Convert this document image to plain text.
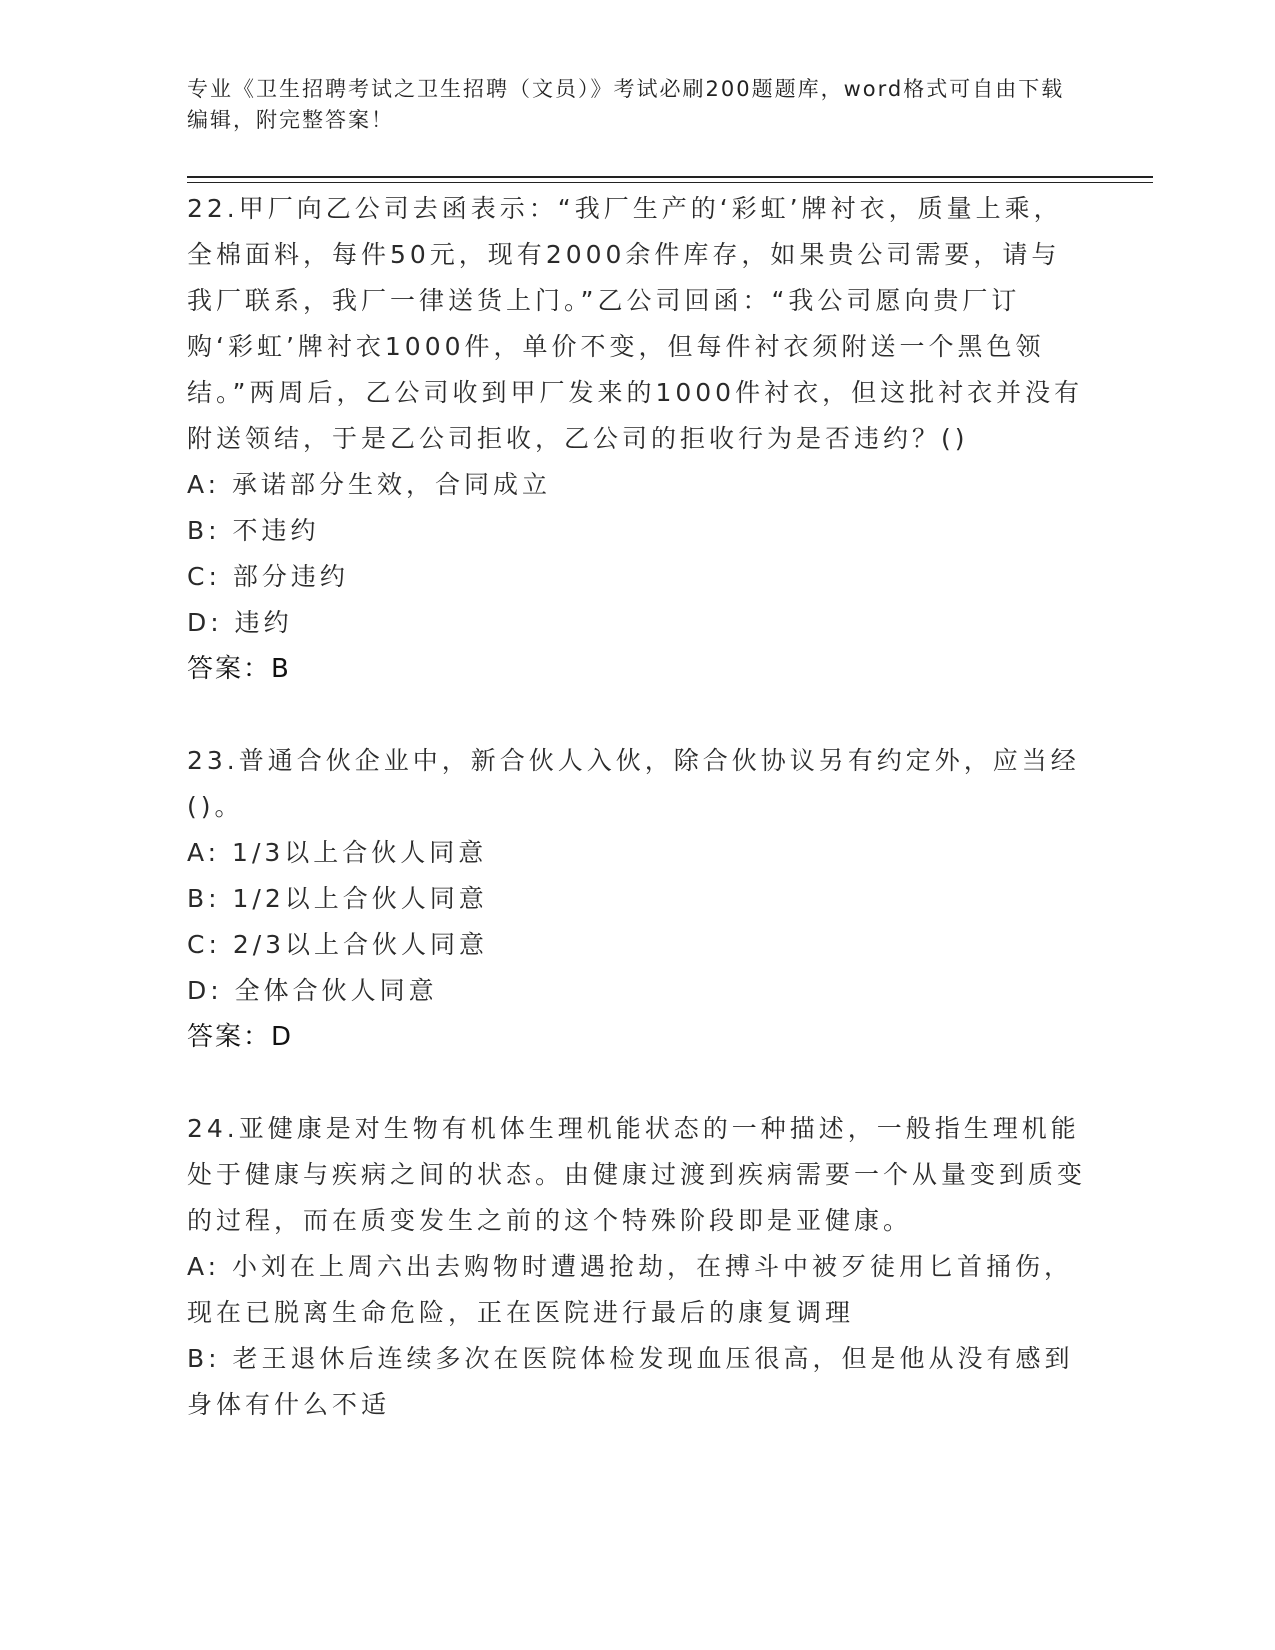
专业《卫生招聘考试之卫生招聘（文员）》考试必刷200题题库，word格式可自由下载编辑，附完整答案！
22.甲厂向乙公司去函表示：“我厂生产的‘彩虹’牌衬衣，质量上乘，全棉面料，每件50元，现有2000余件库存，如果贵公司需要，请与我厂联系，我厂一律送货上门。”乙公司回函：“我公司愿向贵厂订购‘彩虹’牌衬衣1000件，单价不变，但每件衬衣须附送一个黑色领结。”两周后，乙公司收到甲厂发来的1000件衬衣，但这批衬衣并没有附送领结，于是乙公司拒收，乙公司的拒收行为是否违约？()
A: 承诺部分生效，合同成立
B: 不违约
C: 部分违约
D: 违约
答案：B
23.普通合伙企业中，新合伙人入伙，除合伙协议另有约定外，应当经()。
A: 1/3以上合伙人同意
B: 1/2以上合伙人同意
C: 2/3以上合伙人同意
D: 全体合伙人同意
答案：D
24.亚健康是对生物有机体生理机能状态的一种描述，一般指生理机能处于健康与疾病之间的状态。由健康过渡到疾病需要一个从量变到质变的过程，而在质变发生之前的这个特殊阶段即是亚健康。
A: 小刘在上周六出去购物时遭遇抢劫，在搏斗中被歹徒用匕首捅伤，现在已脱离生命危险，正在医院进行最后的康复调理
B: 老王退休后连续多次在医院体检发现血压很高，但是他从没有感到身体有什么不适
